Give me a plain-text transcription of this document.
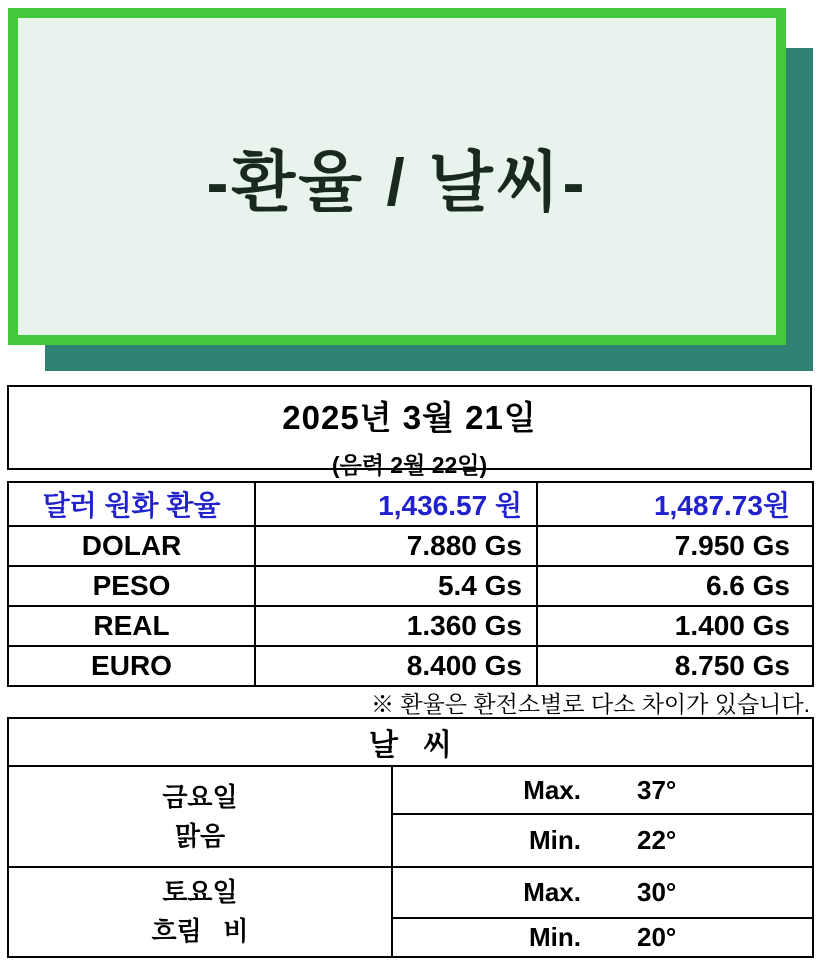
-환율 / 날씨-
2025년 3월 21일
(음력 2월 22일)
달러 원화 환율	1,436.57 원	1,487.73원
DOLAR	7.880 Gs	7.950 Gs
PESO	5.4 Gs	6.6 Gs
REAL	1.360 Gs	1.400 Gs
EURO	8.400 Gs	8.750 Gs
※ 환율은 환전소별로 다소 차이가 있습니다.
날   씨		

금요일
맑음	Max.	37°
	Min.	22°

토요일
흐림   비	Max.	30°
	Min.	20°
